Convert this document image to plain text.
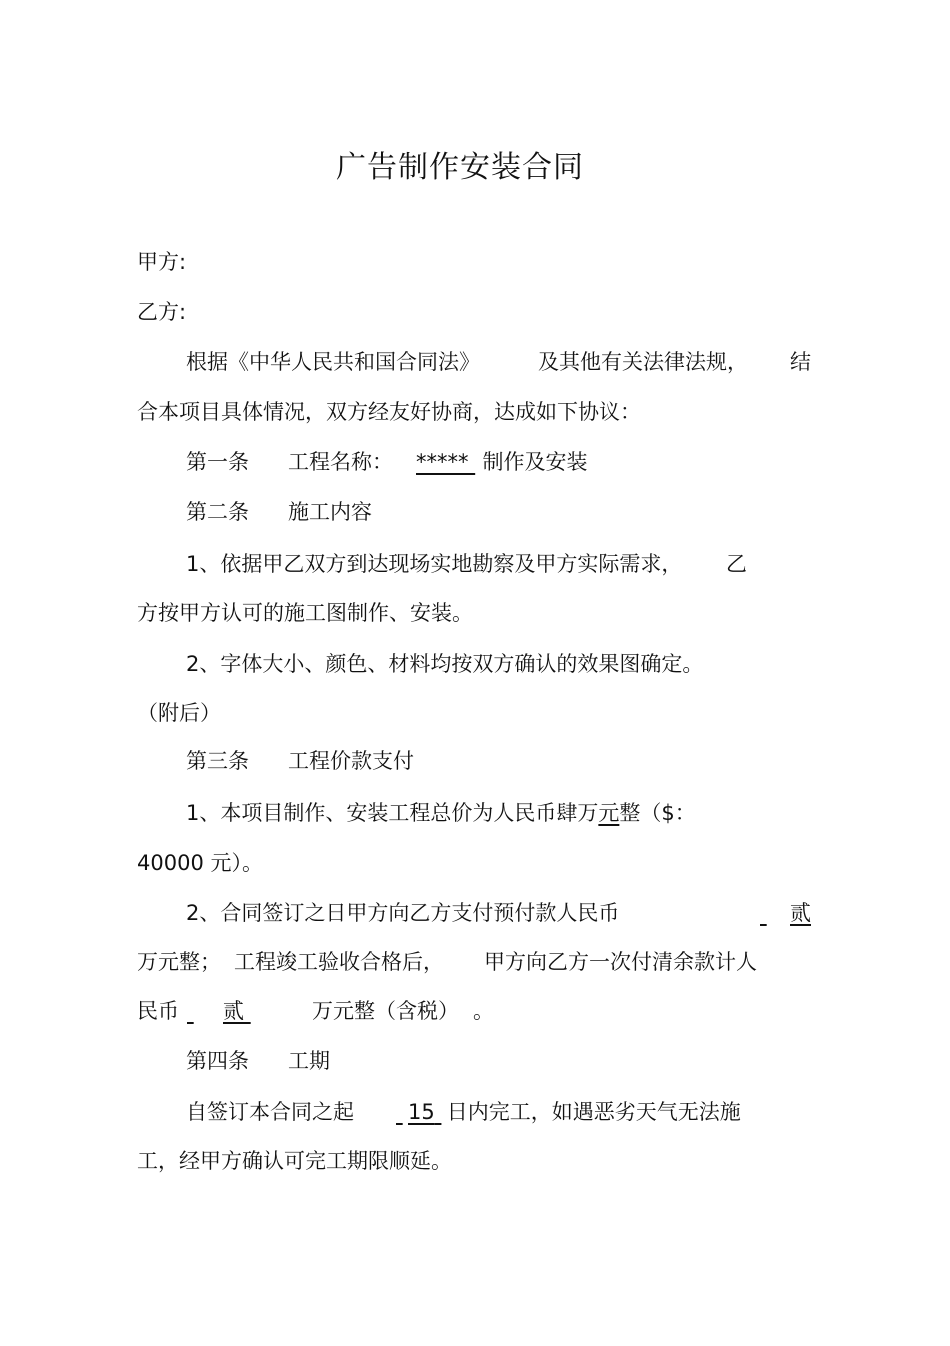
广告制作安装合同
甲方:
乙方:
根据《中华人民共和国合同法》	及其他有关法律法规， 结
合本项目具体情况，双方经友好协商，达成如下协议：
第一条 工程名称： ***** 制作及安装
第二条 施工内容
1、依据甲乙双方到达现场实地勘察及甲方实际需求， 乙
方按甲方认可的施工图制作、安装。
2、字体大小、颜色、材料均按双方确认的效果图确定。
（附后）
第三条 工程价款支付
1、本项目制作、安装工程总价为人民币肆万元整（$：
40000 元）。
2、合同签订之日甲方向乙方支付预付款人民币	贰
万元整； 工程竣工验收合格后， 甲方向乙方一次付清余款计人
民币 贰	万元整（含税） 。
第四条 工期
自签订本合同之起	15 日内完工，如遇恶劣天气无法施
工，经甲方确认可完工期限顺延。
